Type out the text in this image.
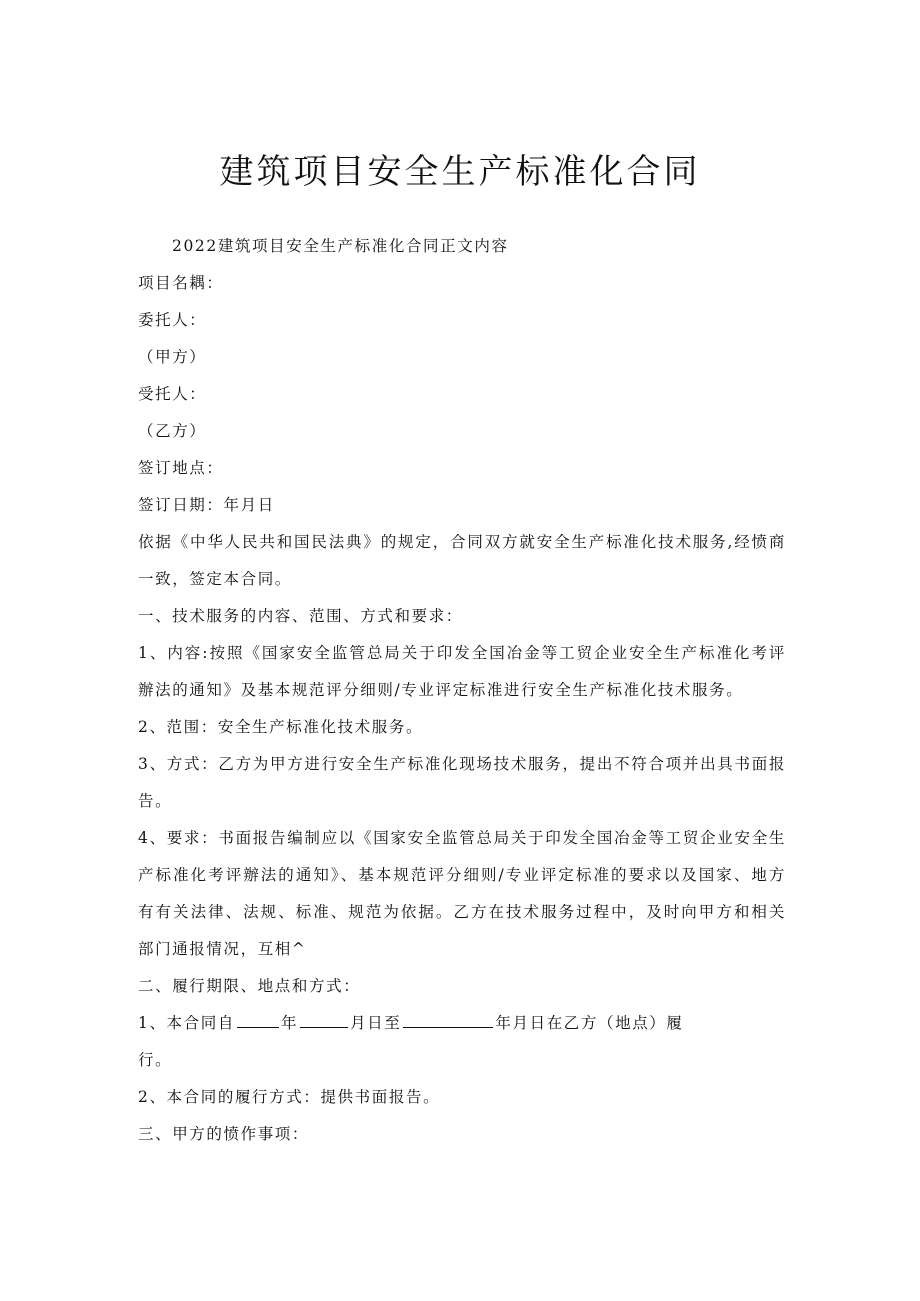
建筑项目安全生产标准化合同

2022建筑项目安全生产标准化合同正文内容

项目名耦：

委托人：

（甲方）

受托人：

（乙方）

签订地点：

签订日期：年月日

依据《中华人民共和国民法典》的规定，合同双方就安全生产标准化技术服务,经愤商一致，签定本合同。

一、技术服务的内容、范围、方式和要求：

1、内容:按照《国家安全监管总局关于印发全国冶金等工贸企业安全生产标准化考评辦法的通知》及基本规范评分细则/专业评定标准进行安全生产标准化技术服务。

2、范围：安全生产标准化技术服务。

3、方式：乙方为甲方进行安全生产标准化现场技术服务，提出不符合项并出具书面报告。

4、要求：书面报告编制应以《国家安全监管总局关于印发全国冶金等工贸企业安全生产标准化考评辦法的通知》、基本规范评分细则/专业评定标准的要求以及国家、地方有有关法律、法规、标准、规范为依据。乙方在技术服务过程中，及时向甲方和相关部门通报情况，互相^

二、履行期限、地点和方式：

1、本合同自	年	月日至	年月日在乙方（地点）履

行。

2、本合同的履行方式：提供书面报告。

三、甲方的愤作事项：
